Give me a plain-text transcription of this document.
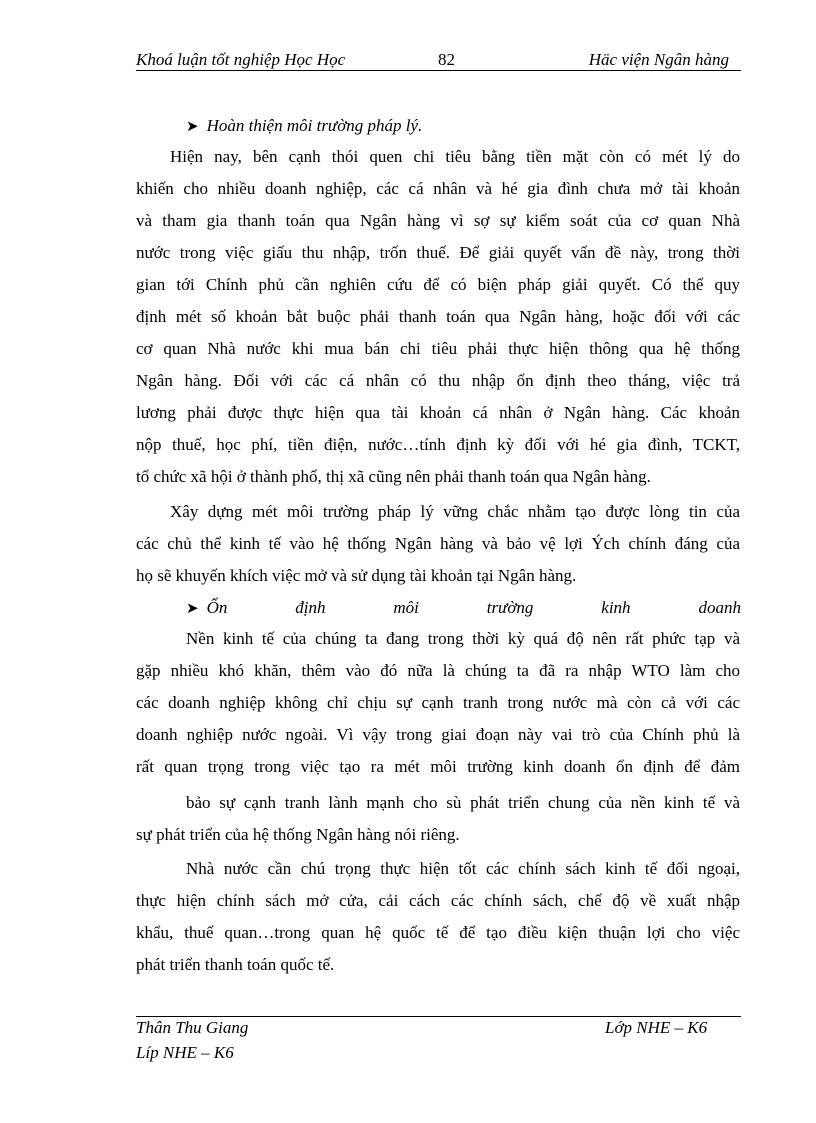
Khoá luận tốt nghiệp Học Học	82	Häc viện Ngân hàng
➤ Hoàn thiện môi trường pháp lý.
Hiện nay, bên cạnh thói quen chi tiêu bằng tiền mặt còn có mét lý do
khiến cho nhiều doanh nghiệp, các cá nhân và hé gia đình chưa mở tài khoản
và tham gia thanh toán qua Ngân hàng vì sợ sự kiểm soát của cơ quan Nhà
nước trong việc giấu thu nhập, trốn thuế. Để giải quyết vấn đề này, trong thời
gian tới Chính phủ cần nghiên cứu để có biện pháp giải quyết. Có thể quy
định mét số khoản bắt buộc phải thanh toán qua Ngân hàng, hoặc đối với các
cơ quan Nhà nước khi mua bán chi tiêu phải thực hiện thông qua hệ thống
Ngân hàng. Đối với các cá nhân có thu nhập ổn định theo tháng, việc trả
lương phải được thực hiện qua tài khoản cá nhân ở Ngân hàng. Các khoản
nộp thuế, học phí, tiền điện, nước…tính định kỳ đối với hé gia đình, TCKT,
tổ chức xã hội ở thành phố, thị xã cũng nên phải thanh toán qua Ngân hàng.
Xây dựng mét môi trường pháp lý vững chắc nhằm tạo được lòng tin của
các chủ thể kinh tế vào hệ thống Ngân hàng và bảo vệ lợi Ých chính đáng của
họ sẽ khuyến khích việc mở và sử dụng tài khoản tại Ngân hàng.
➤ Ổn	định	môi	trường	kinh	doanh
Nền kinh tế của chúng ta đang trong thời kỳ quá độ nên rất phức tạp và
gặp nhiều khó khăn, thêm vào đó nữa là chúng ta đã ra nhập WTO làm cho
các doanh nghiệp không chỉ chịu sự cạnh tranh trong nước mà còn cả với các
doanh nghiệp nước ngoài. Vì vậy trong giai đoạn này vai trò của Chính phủ là
rất quan trọng trong việc tạo ra mét môi trường kinh doanh ổn định để đảm
bảo sự cạnh tranh lành mạnh cho sù phát triển chung của nền kinh tế và
sự phát triển của hệ thống Ngân hàng nói riêng.
Nhà nước cần chú trọng thực hiện tốt các chính sách kinh tế đối ngoại,
thực hiện chính sách mở cửa, cải cách các chính sách, chế độ về xuất nhập
khẩu, thuế quan…trong quan hệ quốc tế để tạo điều kiện thuận lợi cho việc
phát triển thanh toán quốc tế.
Thân Thu Giang	Lớp NHE – K6
Líp NHE – K6
